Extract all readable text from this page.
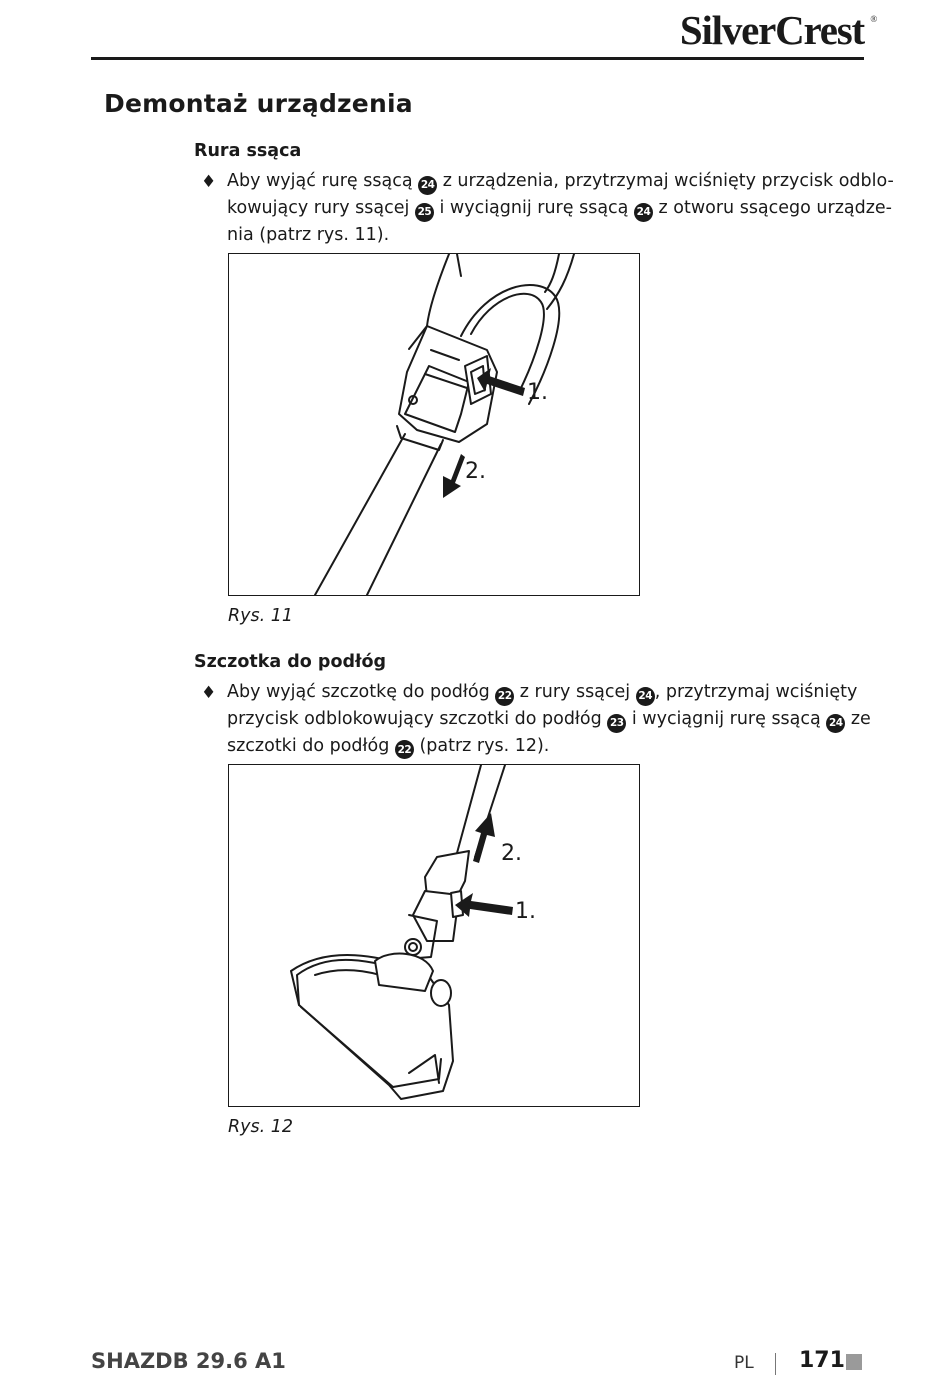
SilverCrest ®
Demontaż urządzenia
Rura ssąca
♦ Aby wyjąć rurę ssącą 24 z urządzenia, przytrzymaj wciśnięty przycisk odblo-
kowujący rury ssącej 25 i wyciągnij rurę ssącą 24 z otworu ssącego urządze-
nia (patrz rys. 11).

1.
2.

Rys. 11

Szczotka do podłóg
♦ Aby wyjąć szczotkę do podłóg 22 z rury ssącej 24 , przytrzymaj wciśnięty
przycisk odblokowujący szczotki do podłóg 23 i wyciągnij rurę ssącą 24 ze
szczotki do podłóg 22 (patrz rys. 12).

1.
2.

Rys. 12

SHAZDB 29.6 A1	PL 171
